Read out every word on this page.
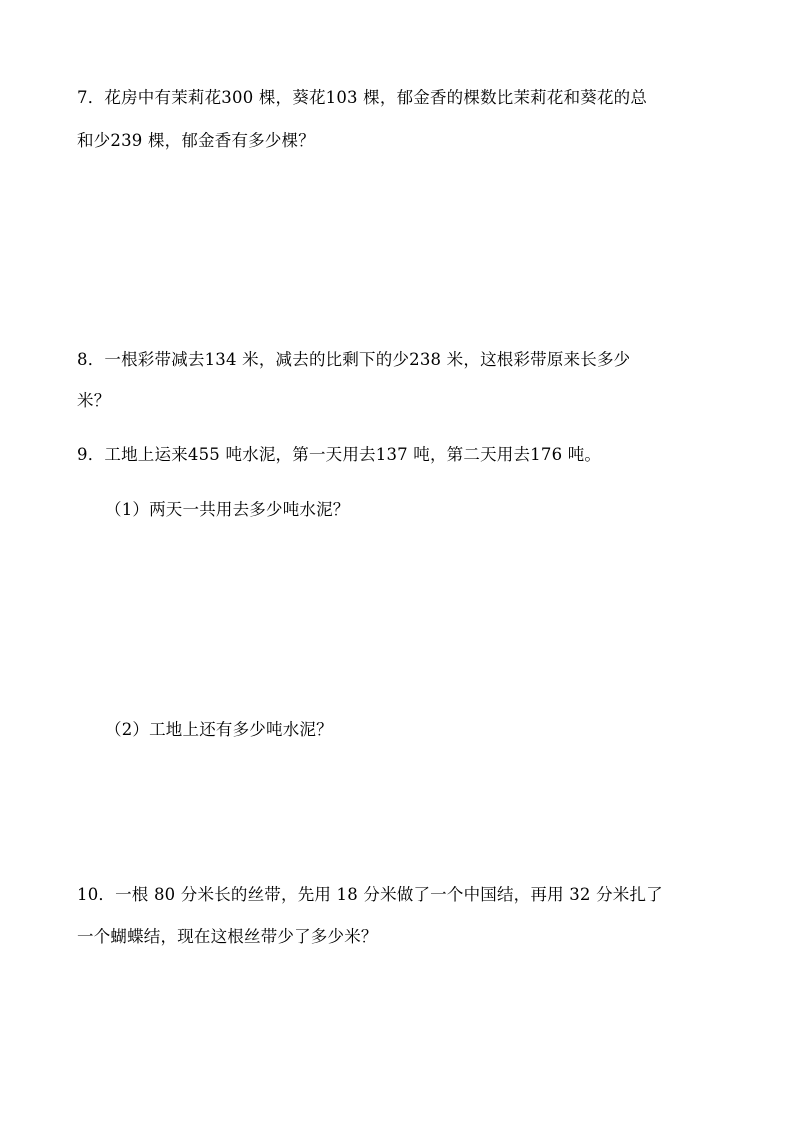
7．花房中有茉莉花300 棵，葵花103 棵，郁金香的棵数比茉莉花和葵花的总
和少239 棵，郁金香有多少棵？
8．一根彩带减去134 米，减去的比剩下的少238 米，这根彩带原来长多少
米？
9．工地上运来455 吨水泥，第一天用去137 吨，第二天用去176 吨。
（1）两天一共用去多少吨水泥？
（2）工地上还有多少吨水泥？
10．一根 80 分米长的丝带，先用 18 分米做了一个中国结，再用 32 分米扎了
一个蝴蝶结，现在这根丝带少了多少米？
